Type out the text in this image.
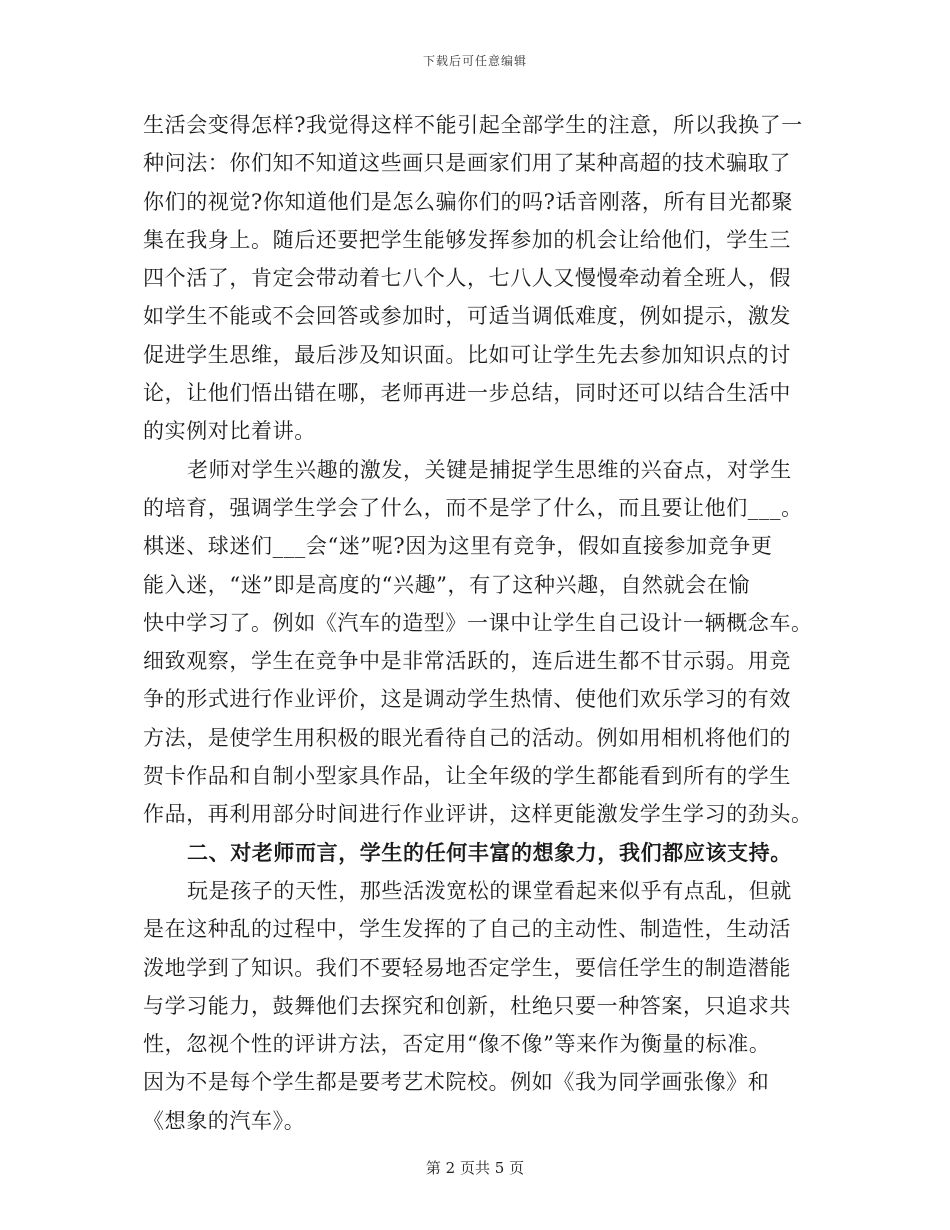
下载后可任意编辑
生活会变得怎样?我觉得这样不能引起全部学生的注意，所以我换了一
种问法：你们知不知道这些画只是画家们用了某种高超的技术骗取了
你们的视觉?你知道他们是怎么骗你们的吗?话音刚落，所有目光都聚
集在我身上。随后还要把学生能够发挥参加的机会让给他们，学生三
四个活了，肯定会带动着七八个人，七八人又慢慢牵动着全班人，假
如学生不能或不会回答或参加时，可适当调低难度，例如提示，激发
促进学生思维，最后涉及知识面。比如可让学生先去参加知识点的讨
论，让他们悟出错在哪，老师再进一步总结，同时还可以结合生活中
的实例对比着讲。
老师对学生兴趣的激发，关键是捕捉学生思维的兴奋点，对学生
的培育，强调学生学会了什么，而不是学了什么，而且要让他们___。
棋迷、球迷们___会“迷”呢?因为这里有竞争，假如直接参加竞争更
能入迷，“迷”即是高度的“兴趣”，有了这种兴趣，自然就会在愉
快中学习了。例如《汽车的造型》一课中让学生自己设计一辆概念车。
细致观察，学生在竞争中是非常活跃的，连后进生都不甘示弱。用竞
争的形式进行作业评价，这是调动学生热情、使他们欢乐学习的有效
方法，是使学生用积极的眼光看待自己的活动。例如用相机将他们的
贺卡作品和自制小型家具作品，让全年级的学生都能看到所有的学生
作品，再利用部分时间进行作业评讲，这样更能激发学生学习的劲头。
二、对老师而言，学生的任何丰富的想象力，我们都应该支持。
玩是孩子的天性，那些活泼宽松的课堂看起来似乎有点乱，但就
是在这种乱的过程中，学生发挥的了自己的主动性、制造性，生动活
泼地学到了知识。我们不要轻易地否定学生，要信任学生的制造潜能
与学习能力，鼓舞他们去探究和创新，杜绝只要一种答案，只追求共
性，忽视个性的评讲方法，否定用“像不像”等来作为衡量的标准。
因为不是每个学生都是要考艺术院校。例如《我为同学画张像》和
《想象的汽车》。
第 2 页共 5 页
